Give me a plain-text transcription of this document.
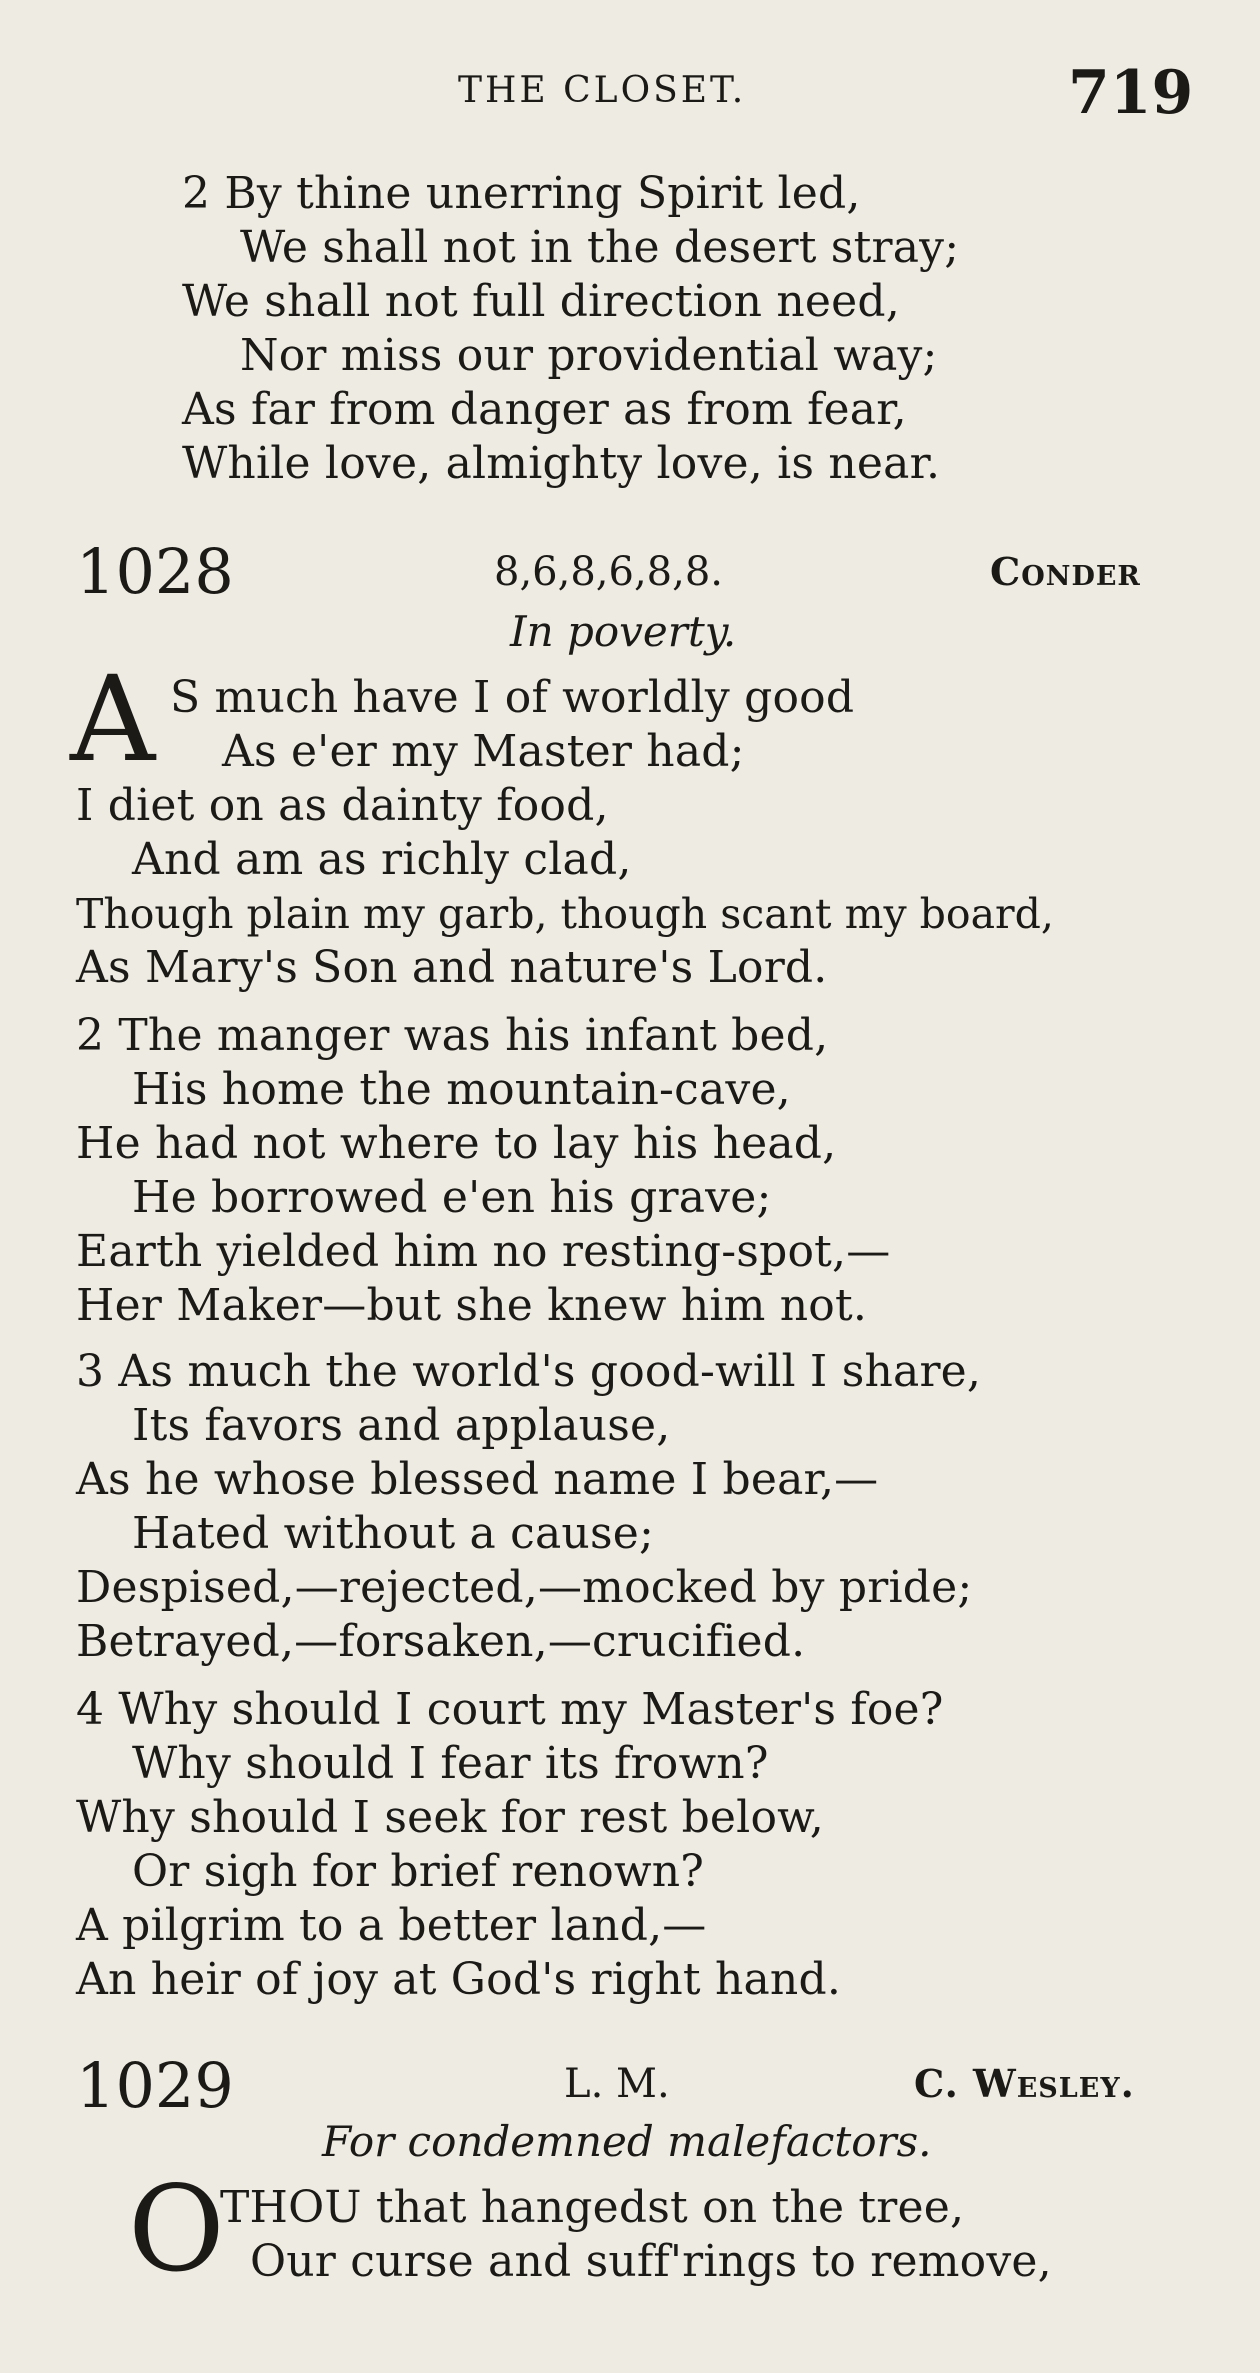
THE CLOSET.	719
2 By thine unerring Spirit led,
We shall not in the desert stray;
We shall not full direction need,
Nor miss our providential way;
As far from danger as from fear,
While love, almighty love, is near.
1028	8,6,8,6,8,8.	Conder
In poverty.
A S much have I of worldly good
As e'er my Master had;
I diet on as dainty food,
And am as richly clad,
Though plain my garb, though scant my board,
As Mary's Son and nature's Lord.
2 The manger was his infant bed,
His home the mountain-cave,
He had not where to lay his head,
He borrowed e'en his grave;
Earth yielded him no resting-spot,—
Her Maker—but she knew him not.
3 As much the world's good-will I share,
Its favors and applause,
As he whose blessed name I bear,—
Hated without a cause;
Despised,—rejected,—mocked by pride;
Betrayed,—forsaken,—crucified.
4 Why should I court my Master's foe?
Why should I fear its frown?
Why should I seek for rest below,
Or sigh for brief renown?
A pilgrim to a better land,—
An heir of joy at God's right hand.
1029	L. M.	C. Wesley.
For condemned malefactors.
O
THOU that hangedst on the tree,
Our curse and suff'rings to remove,
